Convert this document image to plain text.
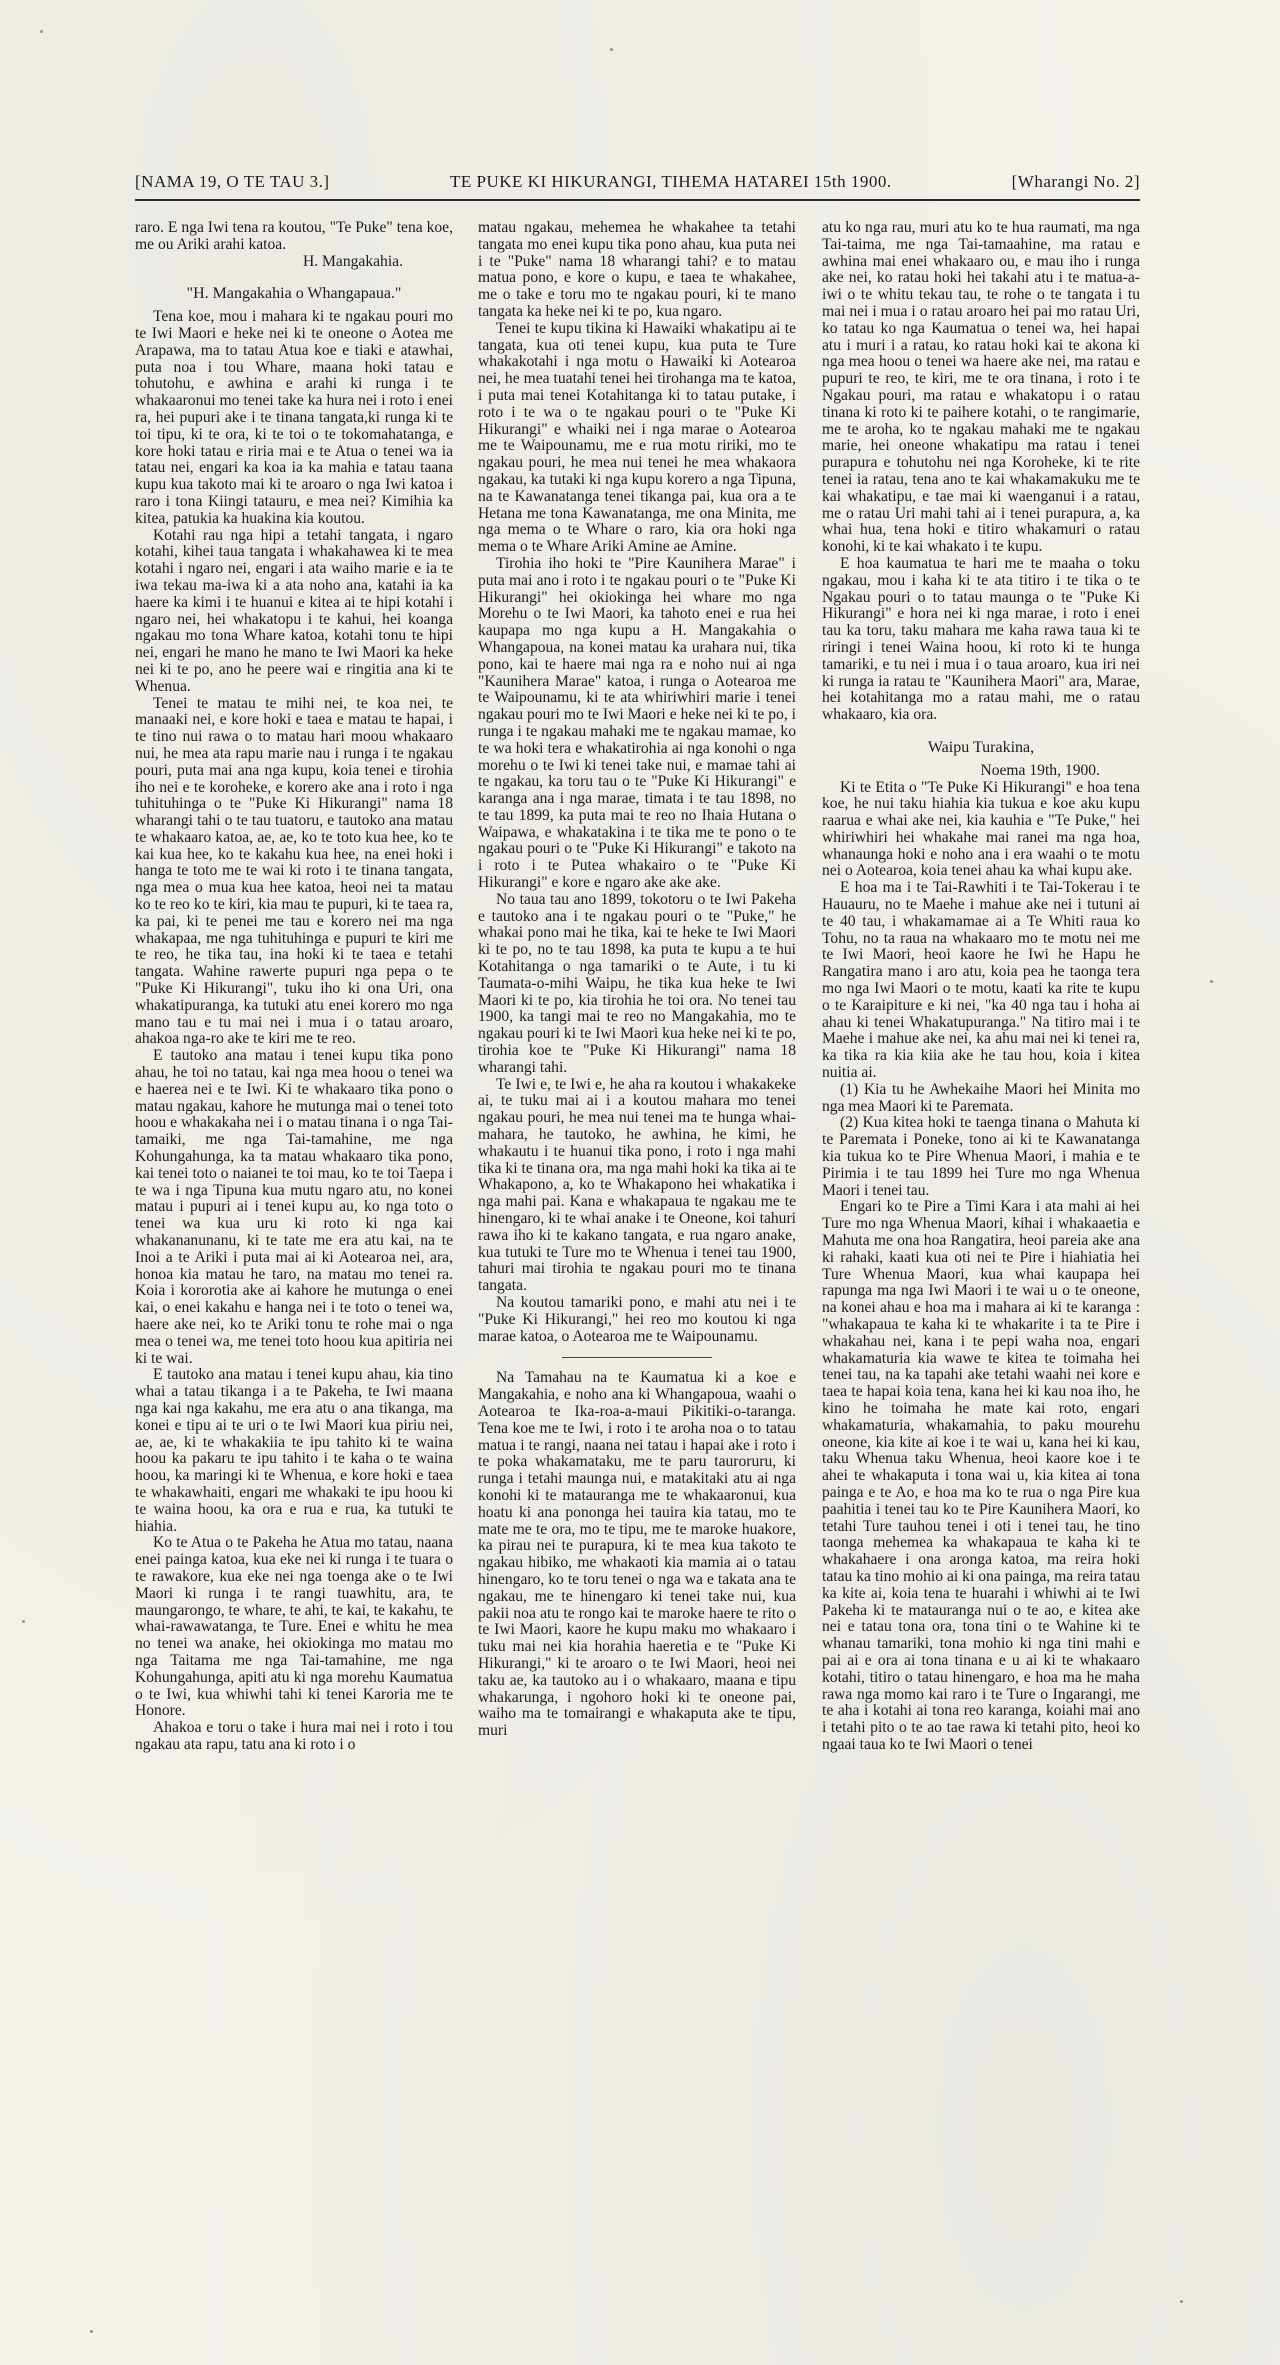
[NAMA 19, O TE TAU 3.]	TE PUKE KI HIKURANGI, TIHEMA HATAREI 15th 1900.	[Wharangi No. 2]

raro. E nga Iwi tena ra koutou, "Te Puke" tena koe, me ou Ariki arahi katoa.

H. Mangakahia.

"H. Mangakahia o Whangapaua."

Tena koe, mou i mahara ki te ngakau pouri mo te Iwi Maori e heke nei ki te oneone o Aotea me Arapawa, ma to tatau Atua koe e tiaki e atawhai, puta noa i tou Whare, maana hoki tatau e tohutohu, e awhina e arahi ki runga i te whakaaronui mo tenei take ka hura nei i roto i enei ra, hei pupuri ake i te tinana tangata,ki runga ki te toi tipu, ki te ora, ki te toi o te tokomahatanga, e kore hoki tatau e riria mai e te Atua o tenei wa ia tatau nei, engari ka koa ia ka mahia e tatau taana kupu kua takoto mai ki te aroaro o nga Iwi katoa i raro i tona Kiingi tatauru, e mea nei? Kimihia ka kitea, patukia ka huakina kia koutou.

Kotahi rau nga hipi a tetahi tangata, i ngaro kotahi, kihei taua tangata i whakahawea ki te mea kotahi i ngaro nei, engari i ata waiho marie e ia te iwa tekau ma-iwa ki a ata noho ana, katahi ia ka haere ka kimi i te huanui e kitea ai te hipi kotahi i ngaro nei, hei whakatopu i te kahui, hei koanga ngakau mo tona Whare katoa, kotahi tonu te hipi nei, engari he mano he mano te Iwi Maori ka heke nei ki te po, ano he peere wai e ringitia ana ki te Whenua.

Tenei te matau te mihi nei, te koa nei, te manaaki nei, e kore hoki e taea e matau te hapai, i te tino nui rawa o to matau hari moou whakaaro nui, he mea ata rapu marie nau i runga i te ngakau pouri, puta mai ana nga kupu, koia tenei e tirohia iho nei e te koroheke, e korero ake ana i roto i nga tuhituhinga o te "Puke Ki Hikurangi" nama 18 wharangi tahi o te tau tuatoru, e tautoko ana matau te whakaaro katoa, ae, ae, ko te toto kua hee, ko te kai kua hee, ko te kakahu kua hee, na enei hoki i hanga te toto me te wai ki roto i te tinana tangata, nga mea o mua kua hee katoa, heoi nei ta matau ko te reo ko te kiri, kia mau te pupuri, ki te taea ra, ka pai, ki te penei me tau e korero nei ma nga whakapaa, me nga tuhituhinga e pupuri te kiri me te reo, he tika tau, ina hoki ki te taea e tetahi tangata. Wahine rawerte pupuri nga pepa o te "Puke Ki Hikurangi", tuku iho ki ona Uri, ona whakatipuranga, ka tutuki atu enei korero mo nga mano tau e tu mai nei i mua i o tatau aroaro, ahakoa nga-ro ake te kiri me te reo.

E tautoko ana matau i tenei kupu tika pono ahau, he toi no tatau, kai nga mea hoou o tenei wa e haerea nei e te Iwi. Ki te whakaaro tika pono o matau ngakau, kahore he mutunga mai o tenei toto hoou e whakakaha nei i o matau tinana i o nga Tai-tamaiki, me nga Tai-tamahine, me nga Kohungahunga, ka ta matau whakaaro tika pono, kai tenei toto o naianei te toi mau, ko te toi Taepa i te wa i nga Tipuna kua mutu ngaro atu, no konei matau i pupuri ai i tenei kupu au, ko nga toto o tenei wa kua uru ki roto ki nga kai whakananunanu, ki te tate me era atu kai, na te Inoi a te Ariki i puta mai ai ki Aotearoa nei, ara, honoa kia matau he taro, na matau mo tenei ra. Koia i kororotia ake ai kahore he mutunga o enei kai, o enei kakahu e hanga nei i te toto o tenei wa, haere ake nei, ko te Ariki tonu te rohe mai o nga mea o tenei wa, me tenei toto hoou kua apitiria nei ki te wai.

E tautoko ana matau i tenei kupu ahau, kia tino whai a tatau tikanga i a te Pakeha, te Iwi maana nga kai nga kakahu, me era atu o ana tikanga, ma konei e tipu ai te uri o te Iwi Maori kua piriu nei, ae, ae, ki te whakakiia te ipu tahito ki te waina hoou ka pakaru te ipu tahito i te kaha o te waina hoou, ka maringi ki te Whenua, e kore hoki e taea te whakawhaiti, engari me whakaki te ipu hoou ki te waina hoou, ka ora e rua e rua, ka tutuki te hiahia.

Ko te Atua o te Pakeha he Atua mo tatau, naana enei painga katoa, kua eke nei ki runga i te tuara o te rawakore, kua eke nei nga toenga ake o te Iwi Maori ki runga i te rangi tuawhitu, ara, te maungarongo, te whare, te ahi, te kai, te kakahu, te whai-rawawatanga, te Ture. Enei e whitu he mea no tenei wa anake, hei okiokinga mo matau mo nga Taitama me nga Tai-tamahine, me nga Kohungahunga, apiti atu ki nga morehu Kaumatua o te Iwi, kua whiwhi tahi ki tenei Karoria me te Honore.

Ahakoa e toru o take i hura mai nei i roto i tou ngakau ata rapu, tatu ana ki roto i o

matau ngakau, mehemea he whakahee ta tetahi tangata mo enei kupu tika pono ahau, kua puta nei i te "Puke" nama 18 wharangi tahi? e to matau matua pono, e kore o kupu, e taea te whakahee, me o take e toru mo te ngakau pouri, ki te mano tangata ka heke nei ki te po, kua ngaro.

Tenei te kupu tikina ki Hawaiki whakatipu ai te tangata, kua oti tenei kupu, kua puta te Ture whakakotahi i nga motu o Hawaiki ki Aotearoa nei, he mea tuatahi tenei hei tirohanga ma te katoa, i puta mai tenei Kotahitanga ki to tatau putake, i roto i te wa o te ngakau pouri o te "Puke Ki Hikurangi" e whaiki nei i nga marae o Aotearoa me te Waipounamu, me e rua motu ririki, mo te ngakau pouri, he mea nui tenei he mea whakaora ngakau, ka tutaki ki nga kupu korero a nga Tipuna, na te Kawanatanga tenei tikanga pai, kua ora a te Hetana me tona Kawanatanga, me ona Minita, me nga mema o te Whare o raro, kia ora hoki nga mema o te Whare Ariki Amine ae Amine.

Tirohia iho hoki te "Pire Kaunihera Marae" i puta mai ano i roto i te ngakau pouri o te "Puke Ki Hikurangi" hei okiokinga hei whare mo nga Morehu o te Iwi Maori, ka tahoto enei e rua hei kaupapa mo nga kupu a H. Mangakahia o Whangapoua, na konei matau ka urahara nui, tika pono, kai te haere mai nga ra e noho nui ai nga "Kaunihera Marae" katoa, i runga o Aotearoa me te Waipounamu, ki te ata whiriwhiri marie i tenei ngakau pouri mo te Iwi Maori e heke nei ki te po, i runga i te ngakau mahaki me te ngakau mamae, ko te wa hoki tera e whakatirohia ai nga konohi o nga morehu o te Iwi ki tenei take nui, e mamae tahi ai te ngakau, ka toru tau o te "Puke Ki Hikurangi" e karanga ana i nga marae, timata i te tau 1898, no te tau 1899, ka puta mai te reo no Ihaia Hutana o Waipawa, e whakatakina i te tika me te pono o te ngakau pouri o te "Puke Ki Hikurangi" e takoto na i roto i te Putea whakairo o te "Puke Ki Hikurangi" e kore e ngaro ake ake ake.

No taua tau ano 1899, tokotoru o te Iwi Pakeha e tautoko ana i te ngakau pouri o te "Puke," he whakai pono mai he tika, kai te heke te Iwi Maori ki te po, no te tau 1898, ka puta te kupu a te hui Kotahitanga o nga tamariki o te Aute, i tu ki Taumata-o-mihi Waipu, he tika kua heke te Iwi Maori ki te po, kia tirohia he toi ora. No tenei tau 1900, ka tangi mai te reo no Mangakahia, mo te ngakau pouri ki te Iwi Maori kua heke nei ki te po, tirohia koe te "Puke Ki Hikurangi" nama 18 wharangi tahi.

Te Iwi e, te Iwi e, he aha ra koutou i whakakeke ai, te tuku mai ai i a koutou mahara mo tenei ngakau pouri, he mea nui tenei ma te hunga whai-mahara, he tautoko, he awhina, he kimi, he whakautu i te huanui tika pono, i roto i nga mahi tika ki te tinana ora, ma nga mahi hoki ka tika ai te Whakapono, a, ko te Whakapono hei whakatika i nga mahi pai. Kana e whakapaua te ngakau me te hinengaro, ki te whai anake i te Oneone, koi tahuri rawa iho ki te kakano tangata, e rua ngaro anake, kua tutuki te Ture mo te Whenua i tenei tau 1900, tahuri mai tirohia te ngakau pouri mo te tinana tangata.

Na koutou tamariki pono, e mahi atu nei i te "Puke Ki Hikurangi," hei reo mo koutou ki nga marae katoa, o Aotearoa me te Waipounamu.

Na Tamahau na te Kaumatua ki a koe e Mangakahia, e noho ana ki Whangapoua, waahi o Aotearoa te Ika-roa-a-maui Pikitiki-o-taranga. Tena koe me te Iwi, i roto i te aroha noa o to tatau matua i te rangi, naana nei tatau i hapai ake i roto i te poka whakamataku, me te paru tauroruru, ki runga i tetahi maunga nui, e matakitaki atu ai nga konohi ki te matauranga me te whakaaronui, kua hoatu ki ana pononga hei tauira kia tatau, mo te mate me te ora, mo te tipu, me te maroke huakore, ka pirau nei te purapura, ki te mea kua takoto te ngakau hibiko, me whakaoti kia mamia ai o tatau hinengaro, ko te toru tenei o nga wa e takata ana te ngakau, me te hinengaro ki tenei take nui, kua pakii noa atu te rongo kai te maroke haere te rito o te Iwi Maori, kaore he kupu maku mo whakaaro i tuku mai nei kia horahia haeretia e te "Puke Ki Hikurangi," ki te aroaro o te Iwi Maori, heoi nei taku ae, ka tautoko au i o whakaaro, maana e tipu whakarunga, i ngohoro hoki ki te oneone pai, waiho ma te tomairangi e whakaputa ake te tipu, muri

atu ko nga rau, muri atu ko te hua raumati, ma nga Tai-taima, me nga Tai-tamaahine, ma ratau e awhina mai enei whakaaro ou, e mau iho i runga ake nei, ko ratau hoki hei takahi atu i te matua-a-iwi o te whitu tekau tau, te rohe o te tangata i tu mai nei i mua i o ratau aroaro hei pai mo ratau Uri, ko tatau ko nga Kaumatua o tenei wa, hei hapai atu i muri i a ratau, ko ratau hoki kai te akona ki nga mea hoou o tenei wa haere ake nei, ma ratau e pupuri te reo, te kiri, me te ora tinana, i roto i te Ngakau pouri, ma ratau e whakatopu i o ratau tinana ki roto ki te paihere kotahi, o te rangimarie, me te aroha, ko te ngakau mahaki me te ngakau marie, hei oneone whakatipu ma ratau i tenei purapura e tohutohu nei nga Koroheke, ki te rite tenei ia ratau, tena ano te kai whakamakuku me te kai whakatipu, e tae mai ki waenganui i a ratau, me o ratau Uri mahi tahi ai i tenei purapura, a, ka whai hua, tena hoki e titiro whakamuri o ratau konohi, ki te kai whakato i te kupu.

E hoa kaumatua te hari me te maaha o toku ngakau, mou i kaha ki te ata titiro i te tika o te Ngakau pouri o to tatau maunga o te "Puke Ki Hikurangi" e hora nei ki nga marae, i roto i enei tau ka toru, taku mahara me kaha rawa taua ki te riringi i tenei Waina hoou, ki roto ki te hunga tamariki, e tu nei i mua i o taua aroaro, kua iri nei ki runga ia ratau te "Kaunihera Maori" ara, Marae, hei kotahitanga mo a ratau mahi, me o ratau whakaaro, kia ora.

Waipu Turakina,

Noema 19th, 1900.

Ki te Etita o "Te Puke Ki Hikurangi" e hoa tena koe, he nui taku hiahia kia tukua e koe aku kupu raarua e whai ake nei, kia kauhia e "Te Puke," hei whiriwhiri hei whakahe mai ranei ma nga hoa, whanaunga hoki e noho ana i era waahi o te motu nei o Aotearoa, koia tenei ahau ka whai kupu ake.

E hoa ma i te Tai-Rawhiti i te Tai-Tokerau i te Hauauru, no te Maehe i mahue ake nei i tutuni ai te 40 tau, i whakamamae ai a Te Whiti raua ko Tohu, no ta raua na whakaaro mo te motu nei me te Iwi Maori, heoi kaore he Iwi he Hapu he Rangatira mano i aro atu, koia pea he taonga tera mo nga Iwi Maori o te motu, kaati ka rite te kupu o te Karaipiture e ki nei, "ka 40 nga tau i hoha ai ahau ki tenei Whakatupuranga." Na titiro mai i te Maehe i mahue ake nei, ka ahu mai nei ki tenei ra, ka tika ra kia kiia ake he tau hou, koia i kitea nuitia ai.

(1) Kia tu he Awhekaihe Maori hei Minita mo nga mea Maori ki te Paremata.

(2) Kua kitea hoki te taenga tinana o Mahuta ki te Paremata i Poneke, tono ai ki te Kawanatanga kia tukua ko te Pire Whenua Maori, i mahia e te Pirimia i te tau 1899 hei Ture mo nga Whenua Maori i tenei tau.

Engari ko te Pire a Timi Kara i ata mahi ai hei Ture mo nga Whenua Maori, kihai i whakaaetia e Mahuta me ona hoa Rangatira, heoi pareia ake ana ki rahaki, kaati kua oti nei te Pire i hiahiatia hei Ture Whenua Maori, kua whai kaupapa hei rapunga ma nga Iwi Maori i te wai u o te oneone, na konei ahau e hoa ma i mahara ai ki te karanga : "whakapaua te kaha ki te whakarite i ta te Pire i whakahau nei, kana i te pepi waha noa, engari whakamaturia kia wawe te kitea te toimaha hei tenei tau, na ka tapahi ake tetahi waahi nei kore e taea te hapai koia tena, kana hei ki kau noa iho, he kino he toimaha he mate kai roto, engari whakamaturia, whakamahia, to paku mourehu oneone, kia kite ai koe i te wai u, kana hei ki kau, taku Whenua taku Whenua, heoi kaore koe i te ahei te whakaputa i tona wai u, kia kitea ai tona painga e te Ao, e hoa ma ko te rua o nga Pire kua paahitia i tenei tau ko te Pire Kaunihera Maori, ko tetahi Ture tauhou tenei i oti i tenei tau, he tino taonga mehemea ka whakapaua te kaha ki te whakahaere i ona aronga katoa, ma reira hoki tatau ka tino mohio ai ki ona painga, ma reira tatau ka kite ai, koia tena te huarahi i whiwhi ai te Iwi Pakeha ki te matauranga nui o te ao, e kitea ake nei e tatau tona ora, tona tini o te Wahine ki te whanau tamariki, tona mohio ki nga tini mahi e pai ai e ora ai tona tinana e u ai ki te whakaaro kotahi, titiro o tatau hinengaro, e hoa ma he maha rawa nga momo kai raro i te Ture o Ingarangi, me te aha i kotahi ai tona reo karanga, koiahi mai ano i tetahi pito o te ao tae rawa ki tetahi pito, heoi ko ngaai taua ko te Iwi Maori o tenei
